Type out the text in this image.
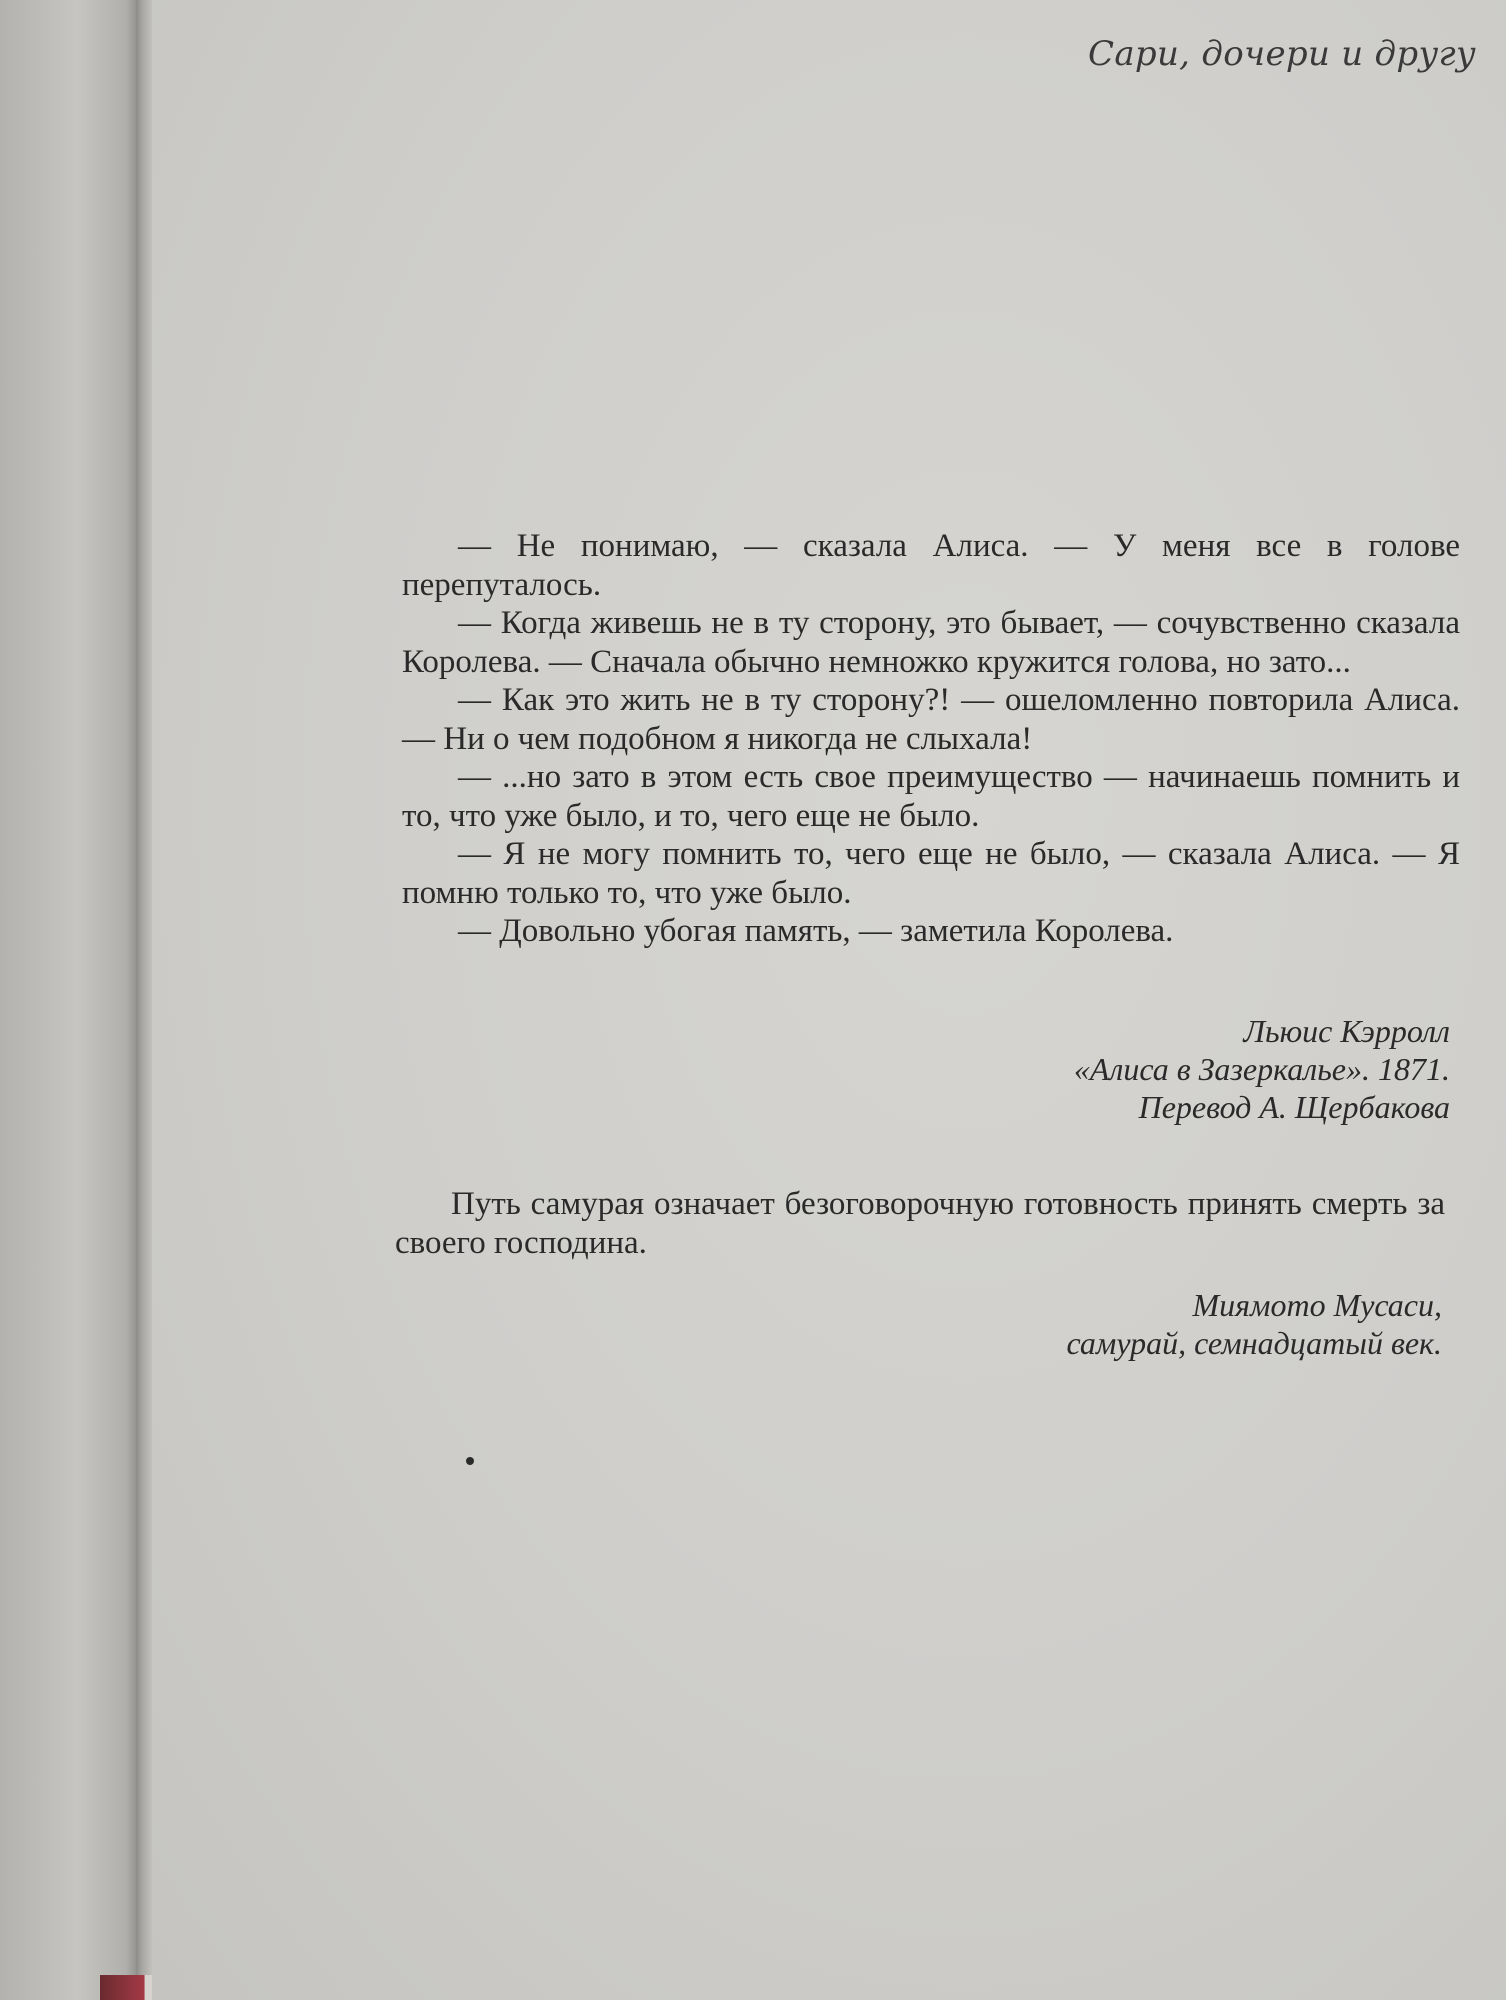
Сари, дочери и другу

— Не понимаю, — сказала Алиса. — У меня все в голове перепуталось.

— Когда живешь не в ту сторону, это бывает, — сочувственно сказала Королева. — Сначала обычно немножко кружится голова, но зато...

— Как это жить не в ту сторону?! — ошеломленно повторила Алиса. — Ни о чем подобном я никогда не слыхала!

— ...но зато в этом есть свое преимущество — начинаешь помнить и то, что уже было, и то, чего еще не было.

— Я не могу помнить то, чего еще не было, — сказала Алиса. — Я помню только то, что уже было.

— Довольно убогая память, — заметила Королева.

Льюис Кэрролл
«Алиса в Зазеркалье». 1871.
Перевод А. Щербакова

Путь самурая означает безоговорочную готовность принять смерть за своего господина.

Миямото Мусаси,
самурай, семнадцатый век.
